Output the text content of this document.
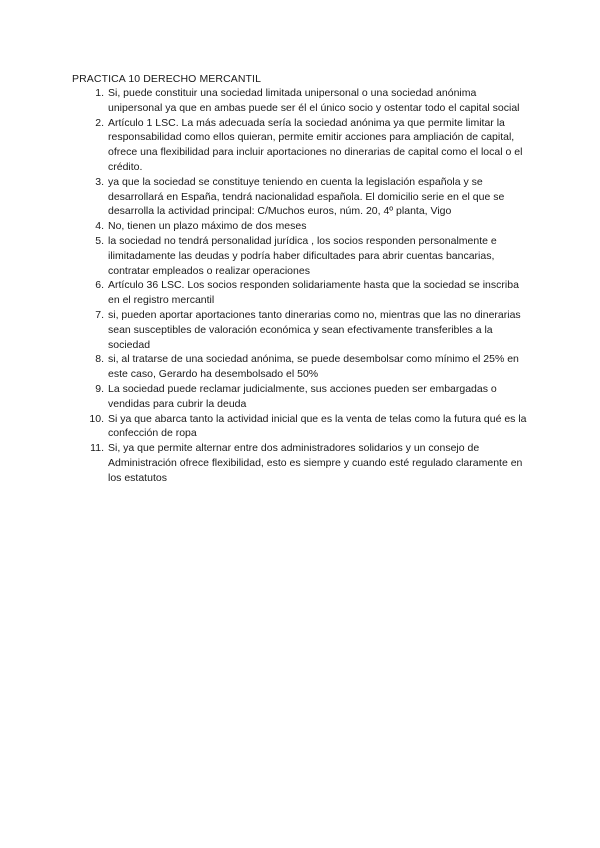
PRACTICA 10 DERECHO MERCANTIL
1. Si, puede constituir una sociedad limitada unipersonal o una sociedad anónima unipersonal ya que en ambas puede ser él el único socio y ostentar todo el capital social
2. Artículo 1 LSC. La más adecuada sería la sociedad anónima ya que permite limitar la responsabilidad como ellos quieran, permite emitir acciones para ampliación de capital, ofrece una flexibilidad para incluir aportaciones no dinerarias de capital como el local o el crédito.
3. ya que la sociedad se constituye teniendo en cuenta la legislación española y se desarrollará en España, tendrá nacionalidad española. El domicilio serie en el que se desarrolla la actividad principal: C/Muchos euros, núm. 20, 4º planta, Vigo
4. No, tienen un plazo máximo de dos meses
5. la sociedad no tendrá personalidad jurídica , los socios responden personalmente e ilimitadamente las deudas y podría haber dificultades para abrir cuentas bancarias, contratar empleados o realizar operaciones
6. Artículo 36 LSC. Los socios responden solidariamente hasta que la sociedad se inscriba en el registro mercantil
7. si, pueden aportar aportaciones tanto dinerarias como no, mientras que las no dinerarias sean susceptibles de valoración económica y sean efectivamente transferibles a la sociedad
8. si, al tratarse de una sociedad anónima, se puede desembolsar como mínimo el 25% en este caso, Gerardo ha desembolsado el 50%
9. La sociedad puede reclamar judicialmente, sus acciones pueden ser embargadas o vendidas para cubrir la deuda
10. Si ya que abarca tanto la actividad inicial que es la venta de telas como la futura qué es la confección de ropa
11. Si, ya que permite alternar entre dos administradores solidarios y un consejo de Administración ofrece flexibilidad, esto es siempre y cuando esté regulado claramente en los estatutos
